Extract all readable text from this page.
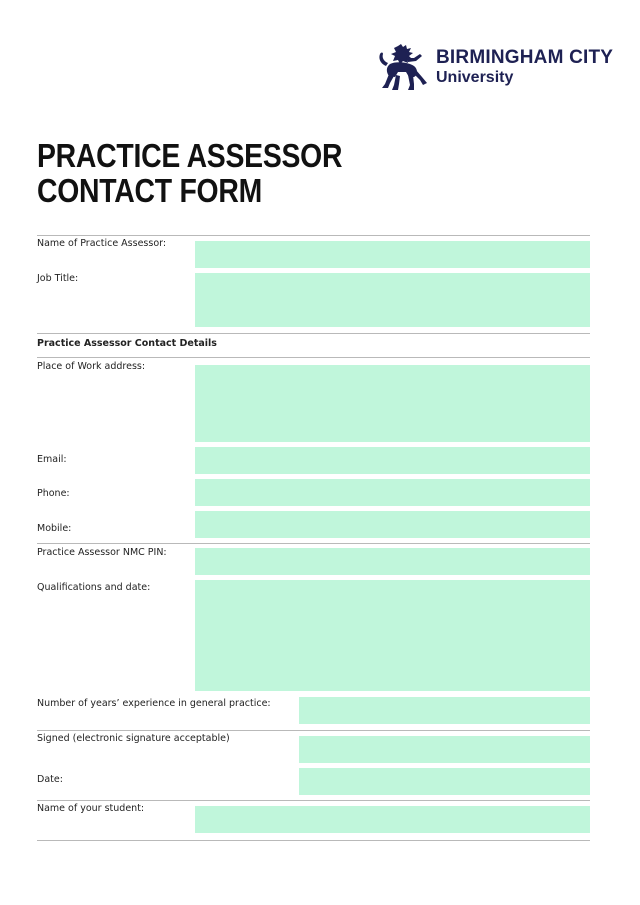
BIRMINGHAM CITY
University
PRACTICE ASSESSOR
CONTACT FORM
Name of Practice Assessor:
Job Title:
Practice Assessor Contact Details
Place of Work address:
Email:
Phone:
Mobile:
Practice Assessor NMC PIN:
Qualifications and date:
Number of years’ experience in general practice:
Signed (electronic signature acceptable)
Date:
Name of your student:
